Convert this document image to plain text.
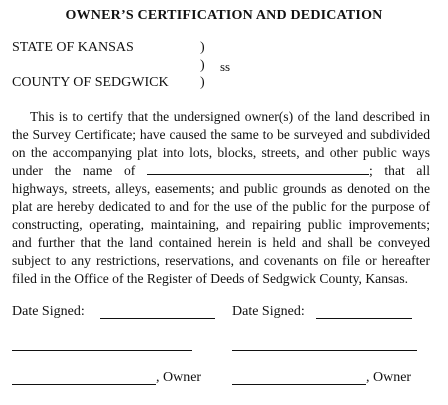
OWNER’S CERTIFICATION AND DEDICATION
STATE OF KANSAS	)
) ss
COUNTY OF SEDGWICK )
This is to certify that the undersigned owner(s) of the land described in the Survey Certificate; have caused the same to be surveyed and subdivided on the accompanying plat into lots, blocks, streets, and other public ways under the name of	; that all highways, streets, alleys, easements; and public grounds as denoted on the plat are hereby dedicated to and for the use of the public for the purpose of constructing, operating, maintaining, and repairing public improvements; and further that the land contained herein is held and shall be conveyed subject to any restrictions, reservations, and covenants on file or hereafter filed in the Office of the Register of Deeds of Sedgwick County, Kansas.
Date Signed:	Date Signed:
, Owner	, Owner
